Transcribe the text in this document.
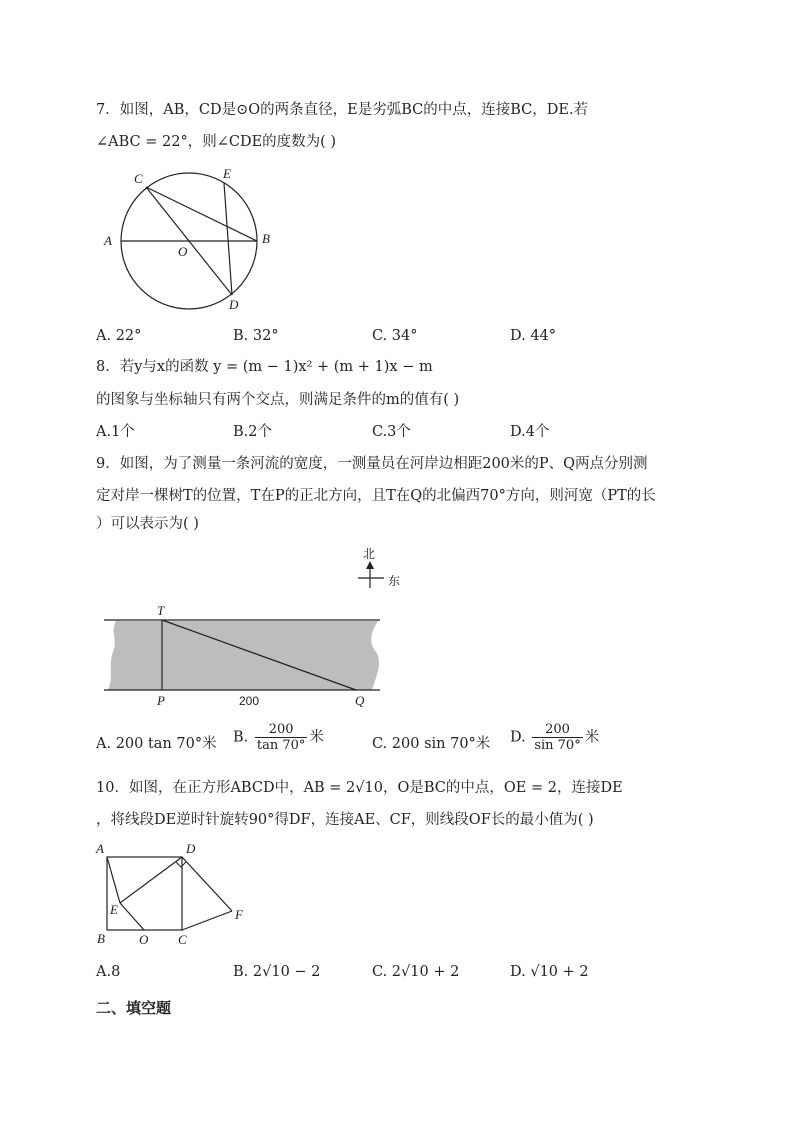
7．如图，AB，CD是⊙O的两条直径，E是劣弧BC的中点，连接BC，DE.若
∠ABC = 22°，则∠CDE的度数为( )
C	E
A
O
B
D
A. 22°	B. 32°	C. 34°	D. 44°
8．若y与x的函数 y = (m − 1)x² + (m + 1)x − m
的图象与坐标轴只有两个交点，则满足条件的m的值有( )
A.1个	B.2个	C.3个	D.4个
9．如图，为了测量一条河流的宽度，一测量员在河岸边相距200米的P、Q两点分别测
定对岸一棵树T的位置，T在P的正北方向，且T在Q的北偏西70°方向，则河宽（PT的长
）可以表示为( )
北
东
T
P	200	Q
A. 200 tan 70°米 B. $\frac{200}{\tan 70^\circ}$ 米	C. 200 sin 70°米 D. $\frac{200}{\sin 70^\circ}$ 米
10．如图，在正方形ABCD中，AB = 2√10，O是BC的中点，OE = 2，连接DE
，将线段DE逆时针旋转90°得DF，连接AE、CF，则线段OF长的最小值为( )
A	D
E	F
B	O C
A.8	B. 2√10 − 2	C. 2√10 + 2	D. √10 + 2
二、填空题
